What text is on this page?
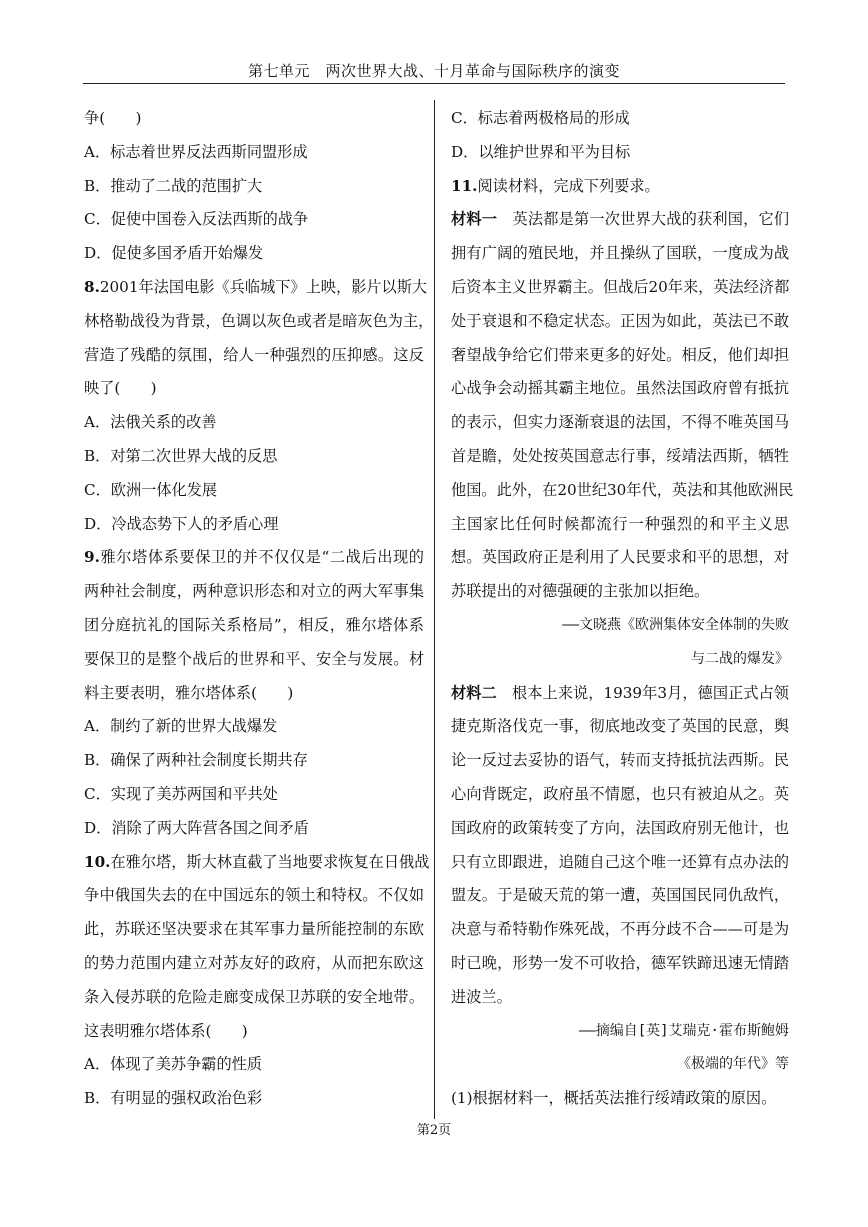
第七单元　两次世界大战、十月革命与国际秩序的演变
争(　　)
A．标志着世界反法西斯同盟形成
B．推动了二战的范围扩大
C．促使中国卷入反法西斯的战争
D．促使多国矛盾开始爆发
8.2001年法国电影《兵临城下》上映，影片以斯大
林格勒战役为背景，色调以灰色或者是暗灰色为主，
营造了残酷的氛围，给人一种强烈的压抑感。这反
映了(　　)
A．法俄关系的改善
B．对第二次世界大战的反思
C．欧洲一体化发展
D．冷战态势下人的矛盾心理
9.雅尔塔体系要保卫的并不仅仅是“二战后出现的
两种社会制度，两种意识形态和对立的两大军事集
团分庭抗礼的国际关系格局”，相反，雅尔塔体系
要保卫的是整个战后的世界和平、安全与发展。材
料主要表明，雅尔塔体系(　　)
A．制约了新的世界大战爆发
B．确保了两种社会制度长期共存
C．实现了美苏两国和平共处
D．消除了两大阵营各国之间矛盾
10.在雅尔塔，斯大林直截了当地要求恢复在日俄战
争中俄国失去的在中国远东的领土和特权。不仅如
此，苏联还坚决要求在其军事力量所能控制的东欧
的势力范围内建立对苏友好的政府，从而把东欧这
条入侵苏联的危险走廊变成保卫苏联的安全地带。
这表明雅尔塔体系(　　)
A．体现了美苏争霸的性质
B．有明显的强权政治色彩
C．标志着两极格局的形成
D．以维护世界和平为目标
11.阅读材料，完成下列要求。
材料一　英法都是第一次世界大战的获利国，它们
拥有广阔的殖民地，并且操纵了国联，一度成为战
后资本主义世界霸主。但战后20年来，英法经济都
处于衰退和不稳定状态。正因为如此，英法已不敢
奢望战争给它们带来更多的好处。相反，他们却担
心战争会动摇其霸主地位。虽然法国政府曾有抵抗
的表示，但实力逐渐衰退的法国，不得不唯英国马
首是瞻，处处按英国意志行事，绥靖法西斯，牺牲
他国。此外，在20世纪30年代，英法和其他欧洲民
主国家比任何时候都流行一种强烈的和平主义思
想。英国政府正是利用了人民要求和平的思想，对
苏联提出的对德强硬的主张加以拒绝。
——文晓燕《欧洲集体安全体制的失败
与二战的爆发》
材料二　根本上来说，1939年3月，德国正式占领
捷克斯洛伐克一事，彻底地改变了英国的民意，舆
论一反过去妥协的语气，转而支持抵抗法西斯。民
心向背既定，政府虽不情愿，也只有被迫从之。英
国政府的政策转变了方向，法国政府别无他计，也
只有立即跟进，追随自己这个唯一还算有点办法的
盟友。于是破天荒的第一遭，英国国民同仇敌忾，
决意与希特勒作殊死战，不再分歧不合——可是为
时已晚，形势一发不可收拾，德军铁蹄迅速无情踏
进波兰。
——摘编自[英]艾瑞克·霍布斯鲍姆
《极端的年代》等
(1)根据材料一，概括英法推行绥靖政策的原因。
第2页
